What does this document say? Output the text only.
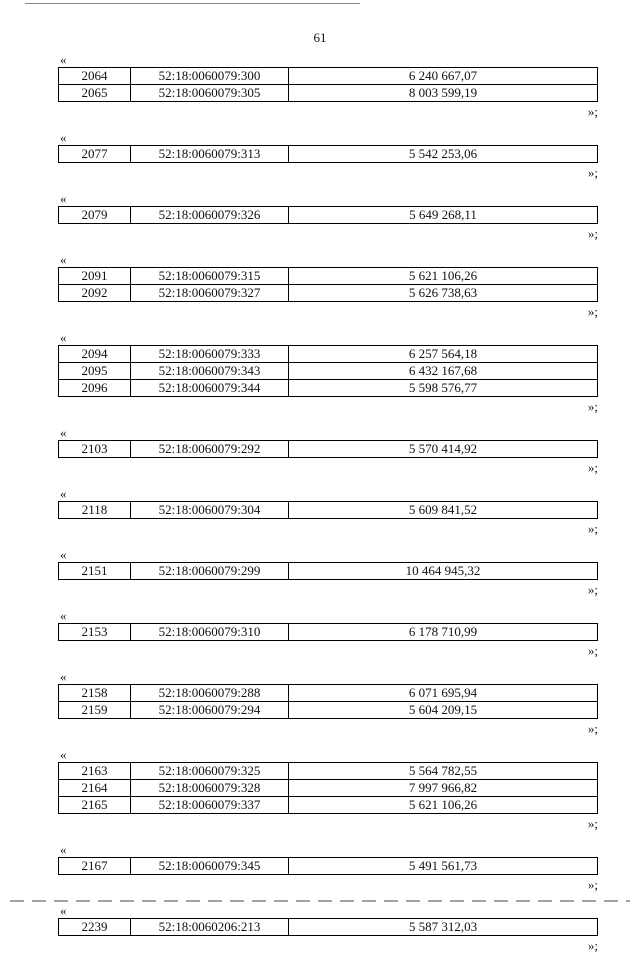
61
«
2064	52:18:0060079:300	6 240 667,07
2065	52:18:0060079:305	8 003 599,19
»;
«
2077	52:18:0060079:313	5 542 253,06
»;
«
2079	52:18:0060079:326	5 649 268,11
»;
«
2091	52:18:0060079:315	5 621 106,26
2092	52:18:0060079:327	5 626 738,63
»;
«
2094	52:18:0060079:333	6 257 564,18
2095	52:18:0060079:343	6 432 167,68
2096	52:18:0060079:344	5 598 576,77
»;
«
2103	52:18:0060079:292	5 570 414,92
»;
«
2118	52:18:0060079:304	5 609 841,52
»;
«
2151	52:18:0060079:299	10 464 945,32
»;
«
2153	52:18:0060079:310	6 178 710,99
»;
«
2158	52:18:0060079:288	6 071 695,94
2159	52:18:0060079:294	5 604 209,15
»;
«
2163	52:18:0060079:325	5 564 782,55
2164	52:18:0060079:328	7 997 966,82
2165	52:18:0060079:337	5 621 106,26
»;
«
2167	52:18:0060079:345	5 491 561,73
»;
«
2239	52:18:0060206:213	5 587 312,03
»;
